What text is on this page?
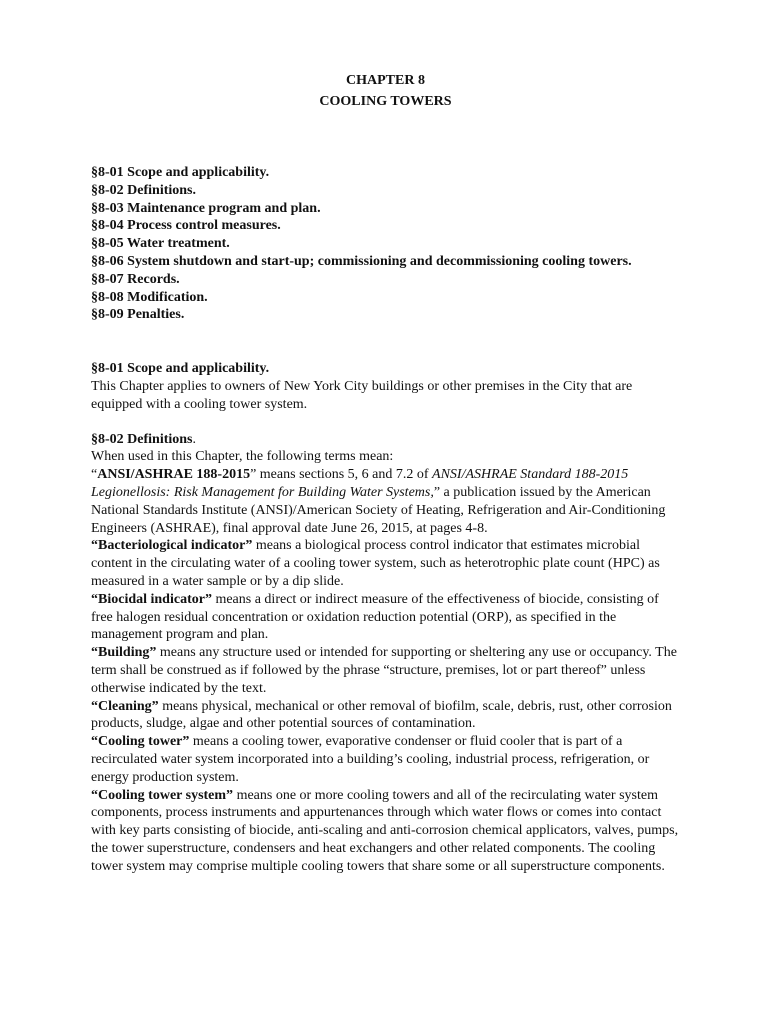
CHAPTER 8
COOLING TOWERS
§8-01 Scope and applicability.
§8-02 Definitions.
§8-03 Maintenance program and plan.
§8-04 Process control measures.
§8-05 Water treatment.
§8-06 System shutdown and start-up; commissioning and decommissioning cooling towers.
§8-07 Records.
§8-08 Modification.
§8-09 Penalties.
§8-01 Scope and applicability.

This Chapter applies to owners of New York City buildings or other premises in the City that are equipped with a cooling tower system.

§8-02 Definitions.

When used in this Chapter, the following terms mean:

“ANSI/ASHRAE 188-2015” means sections 5, 6 and 7.2 of ANSI/ASHRAE Standard 188-2015 Legionellosis: Risk Management for Building Water Systems,” a publication issued by the American National Standards Institute (ANSI)/American Society of Heating, Refrigeration and Air-Conditioning Engineers (ASHRAE), final approval date June 26, 2015, at pages 4-8.

“Bacteriological indicator” means a biological process control indicator that estimates microbial content in the circulating water of a cooling tower system, such as heterotrophic plate count (HPC) as measured in a water sample or by a dip slide.

“Biocidal indicator” means a direct or indirect measure of the effectiveness of biocide, consisting of free halogen residual concentration or oxidation reduction potential (ORP), as specified in the management program and plan.

“Building” means any structure used or intended for supporting or sheltering any use or occupancy. The term shall be construed as if followed by the phrase “structure, premises, lot or part thereof” unless otherwise indicated by the text.

“Cleaning” means physical, mechanical or other removal of biofilm, scale, debris, rust, other corrosion products, sludge, algae and other potential sources of contamination.

“Cooling tower” means a cooling tower, evaporative condenser or fluid cooler that is part of a recirculated water system incorporated into a building’s cooling, industrial process, refrigeration, or energy production system.

“Cooling tower system” means one or more cooling towers and all of the recirculating water system components, process instruments and appurtenances through which water flows or comes into contact with key parts consisting of biocide, anti-scaling and anti-corrosion chemical applicators, valves, pumps, the tower superstructure, condensers and heat exchangers and other related components. The cooling tower system may comprise multiple cooling towers that share some or all superstructure components.
